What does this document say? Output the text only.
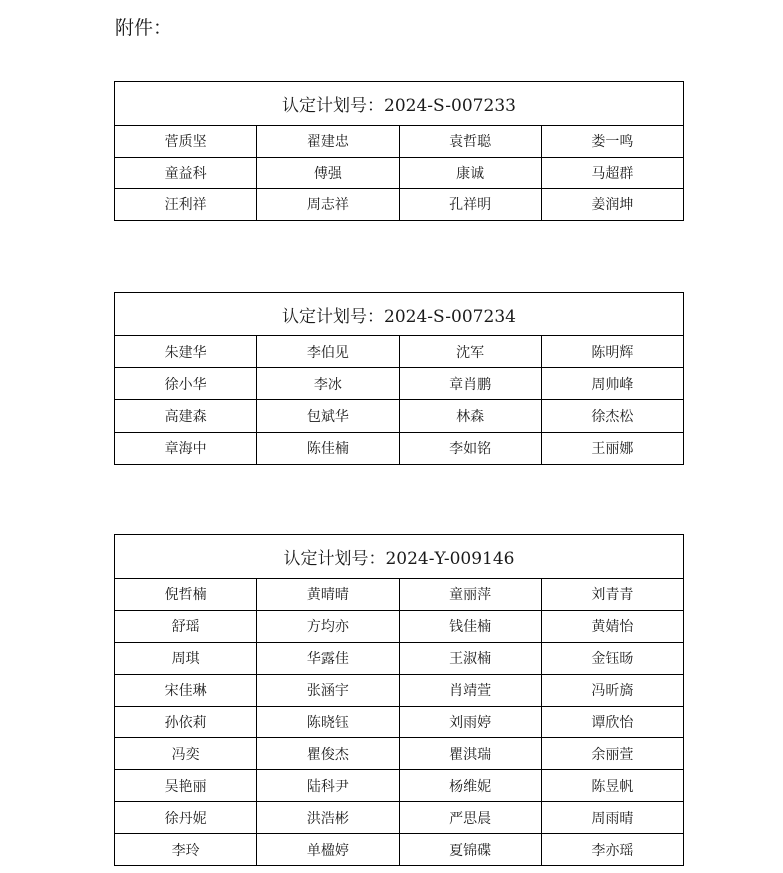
附件：
认定计划号：2024-S-007233			
菅质坚	翟建忠	袁哲聪	娄一鸣
童益科	傅强	康诚	马超群
汪利祥	周志祥	孔祥明	姜润坤
认定计划号：2024-S-007234			
朱建华	李伯见	沈军	陈明辉
徐小华	李冰	章肖鹏	周帅峰
高建森	包斌华	林森	徐杰松
章海中	陈佳楠	李如铭	王丽娜
认定计划号：2024-Y-009146			
倪哲楠	黄晴晴	童丽萍	刘青青
舒瑶	方均亦	钱佳楠	黄婧怡
周琪	华露佳	王淑楠	金钰旸
宋佳琳	张涵宇	肖靖萱	冯昕旖
孙依莉	陈晓钰	刘雨婷	谭欣怡
冯奕	瞿俊杰	瞿淇瑞	余丽萱
吴艳丽	陆科尹	杨维妮	陈昱帆
徐丹妮	洪浩彬	严思晨	周雨晴
李玲	单楹婷	夏锦碟	李亦瑶
